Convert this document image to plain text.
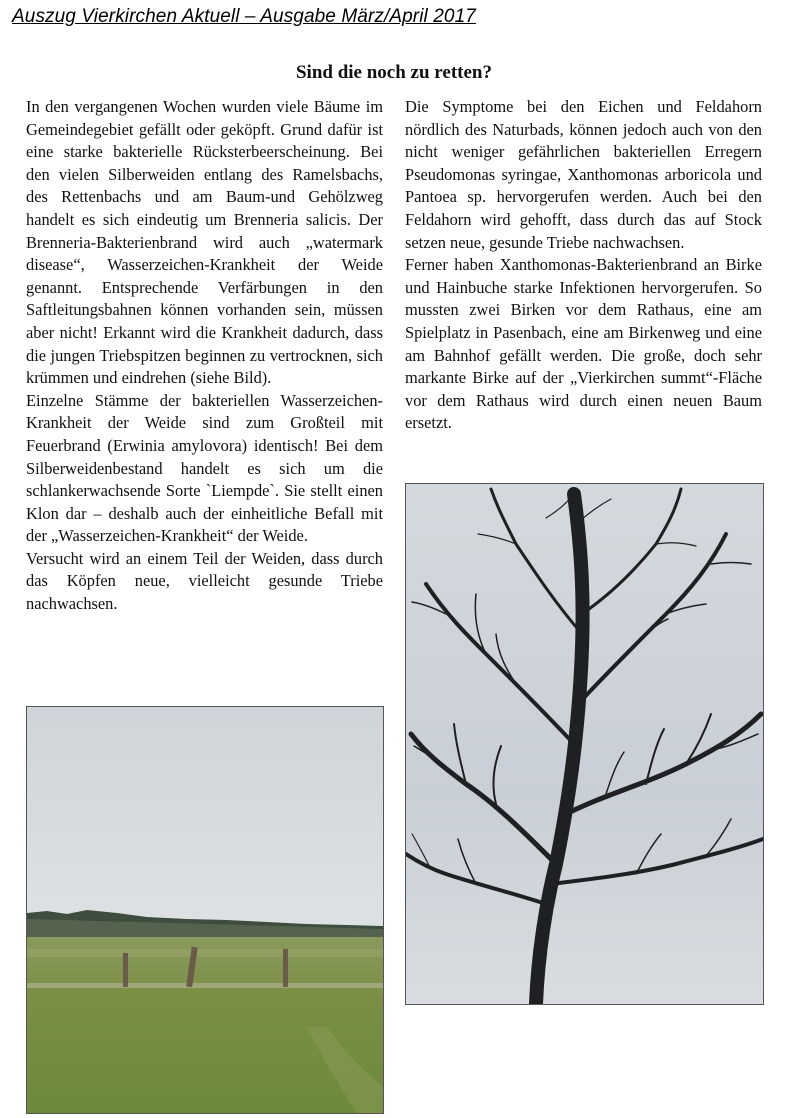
Auszug Vierkirchen Aktuell – Ausgabe März/April 2017
Sind die noch zu retten?

In den vergangenen Wochen wurden viele Bäume im Gemeindegebiet gefällt oder geköpft. Grund dafür ist eine starke bakterielle Rücksterbeerscheinung. Bei den vielen Silberweiden entlang des Ramelsbachs, des Rettenbachs und am Baum-und Gehölzweg handelt es sich eindeutig um Brenneria salicis. Der Brenneria-Bakterienbrand wird auch „watermark disease“, Wasserzeichen-Krankheit der Weide genannt. Entsprechende Verfärbungen in den Saftleitungsbahnen können vorhanden sein, müssen aber nicht! Erkannt wird die Krankheit dadurch, dass die jungen Triebspitzen beginnen zu vertrocknen, sich krümmen und eindrehen (siehe Bild).

Einzelne Stämme der bakteriellen Wasserzeichen-Krankheit der Weide sind zum Großteil mit Feuerbrand (Erwinia amylovora) identisch! Bei dem Silberweidenbestand handelt es sich um die schlankerwachsende Sorte `Liempde`. Sie stellt einen Klon dar – deshalb auch der einheitliche Befall mit der „Wasserzeichen-Krankheit“ der Weide.

Versucht wird an einem Teil der Weiden, dass durch das Köpfen neue, vielleicht gesunde Triebe nachwachsen.

Die Symptome bei den Eichen und Feldahorn nördlich des Naturbads, können jedoch auch von den nicht weniger gefährlichen bakteriellen Erregern Pseudomonas syringae, Xanthomonas arboricola und Pantoea sp. hervorgerufen werden. Auch bei den Feldahorn wird gehofft, dass durch das auf Stock setzen neue, gesunde Triebe nachwachsen.

Ferner haben Xanthomonas-Bakterienbrand an Birke und Hainbuche starke Infektionen hervorgerufen. So mussten zwei Birken vor dem Rathaus, eine am Spielplatz in Pasenbach, eine am Birkenweg und eine am Bahnhof gefällt werden. Die große, doch sehr markante Birke auf der „Vierkirchen summt“-Fläche vor dem Rathaus wird durch einen neuen Baum ersetzt.
